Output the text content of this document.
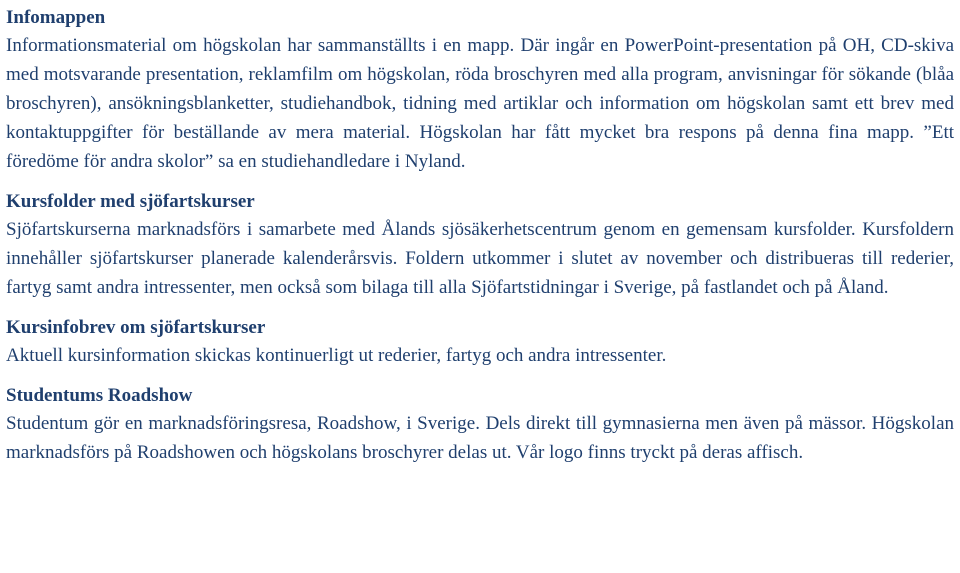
Infomappen

Informationsmaterial om högskolan har sammanställts i en mapp. Där ingår en PowerPoint-presentation på OH, CD-skiva med motsvarande presentation, reklamfilm om högskolan, röda broschyren med alla program, anvisningar för sökande (blåa broschyren), ansökningsblanketter, studiehandbok, tidning med artiklar och information om högskolan samt ett brev med kontaktuppgifter för beställande av mera material. Högskolan har fått mycket bra respons på denna fina mapp. ”Ett föredöme för andra skolor” sa en studiehandledare i Nyland.

Kursfolder med sjöfartskurser

Sjöfartskurserna marknadsförs i samarbete med Ålands sjösäkerhetscentrum genom en gemensam kursfolder. Kursfoldern innehåller sjöfartskurser planerade kalenderårsvis. Foldern utkommer i slutet av november och distribueras till rederier, fartyg samt andra intressenter, men också som bilaga till alla Sjöfartstidningar i Sverige, på fastlandet och på Åland.

Kursinfobrev om sjöfartskurser

Aktuell kursinformation skickas kontinuerligt ut rederier, fartyg och andra intressenter.

Studentums Roadshow

Studentum gör en marknadsföringsresa, Roadshow, i Sverige. Dels direkt till gymnasierna men även på mässor. Högskolan marknadsförs på Roadshowen och högskolans broschyrer delas ut. Vår logo finns tryckt på deras affisch.
